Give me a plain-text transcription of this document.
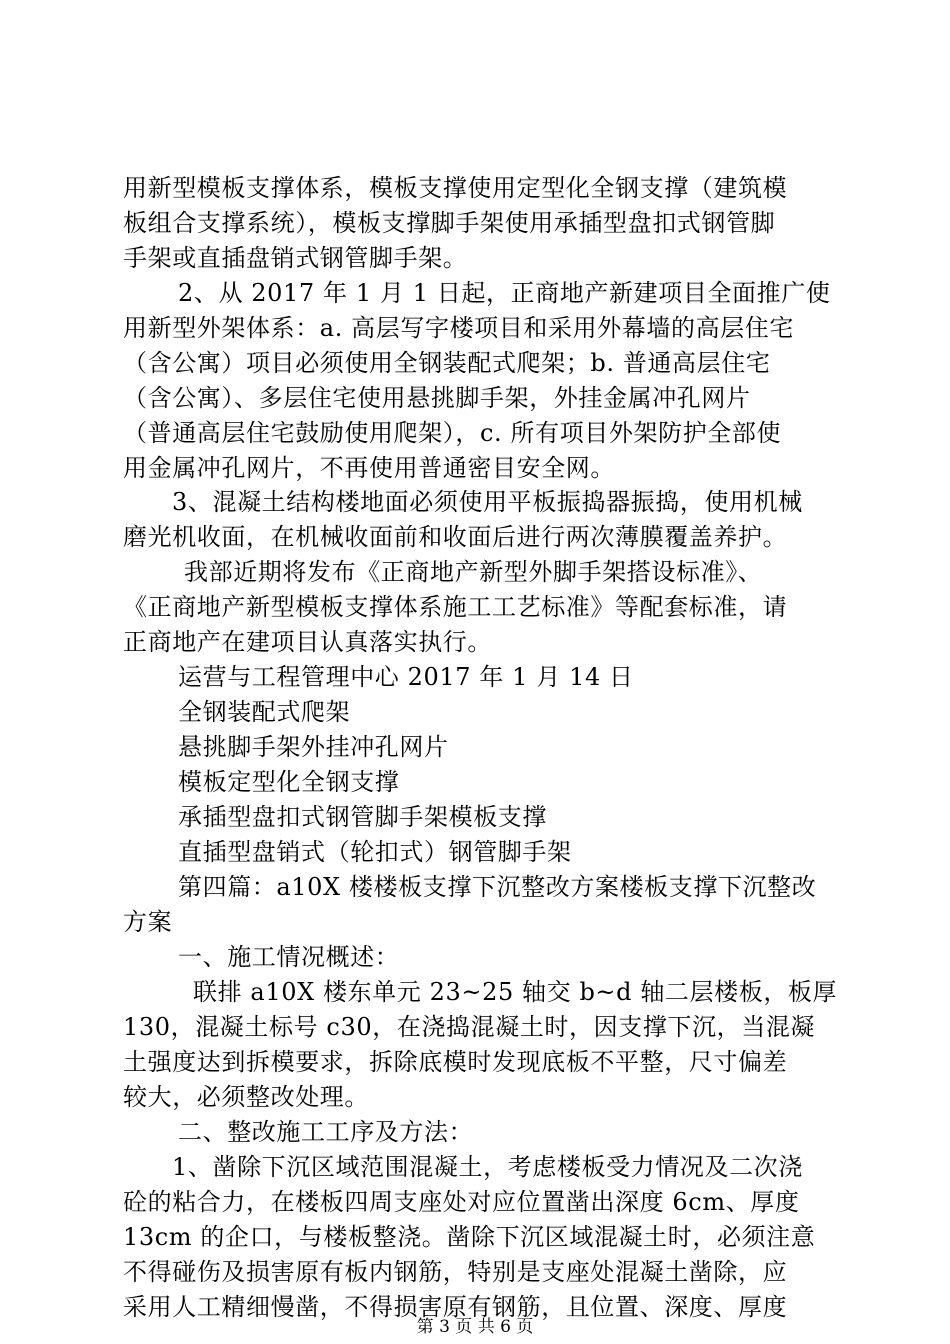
用新型模板支撑体系，模板支撑使用定型化全钢支撑（建筑模
板组合支撑系统），模板支撑脚手架使用承插型盘扣式钢管脚
手架或直插盘销式钢管脚手架。
2、从 2017 年 1 月 1 日起，正商地产新建项目全面推广使
用新型外架体系：a. 高层写字楼项目和采用外幕墙的高层住宅
（含公寓）项目必须使用全钢装配式爬架；b. 普通高层住宅
（含公寓）、多层住宅使用悬挑脚手架，外挂金属冲孔网片
（普通高层住宅鼓励使用爬架），c. 所有项目外架防护全部使
用金属冲孔网片，不再使用普通密目安全网。
3、混凝土结构楼地面必须使用平板振捣器振捣，使用机械
磨光机收面，在机械收面前和收面后进行两次薄膜覆盖养护。
我部近期将发布《正商地产新型外脚手架搭设标准》、
《正商地产新型模板支撑体系施工工艺标准》等配套标准，请
正商地产在建项目认真落实执行。
运营与工程管理中心 2017 年 1 月 14 日
全钢装配式爬架
悬挑脚手架外挂冲孔网片
模板定型化全钢支撑
承插型盘扣式钢管脚手架模板支撑
直插型盘销式（轮扣式）钢管脚手架
第四篇：a10X 楼楼板支撑下沉整改方案楼板支撑下沉整改
方案
一、施工情况概述：
联排 a10X 楼东单元 23~25 轴交 b~d 轴二层楼板，板厚
130，混凝土标号 c30，在浇捣混凝土时，因支撑下沉，当混凝
土强度达到拆模要求，拆除底模时发现底板不平整，尺寸偏差
较大，必须整改处理。
二、整改施工工序及方法：
1、凿除下沉区域范围混凝土，考虑楼板受力情况及二次浇
砼的粘合力，在楼板四周支座处对应位置凿出深度 6cm、厚度
13cm 的企口，与楼板整浇。凿除下沉区域混凝土时，必须注意
不得碰伤及损害原有板内钢筋，特别是支座处混凝土凿除，应
采用人工精细慢凿，不得损害原有钢筋，且位置、深度、厚度
第 3 页 共 6 页
